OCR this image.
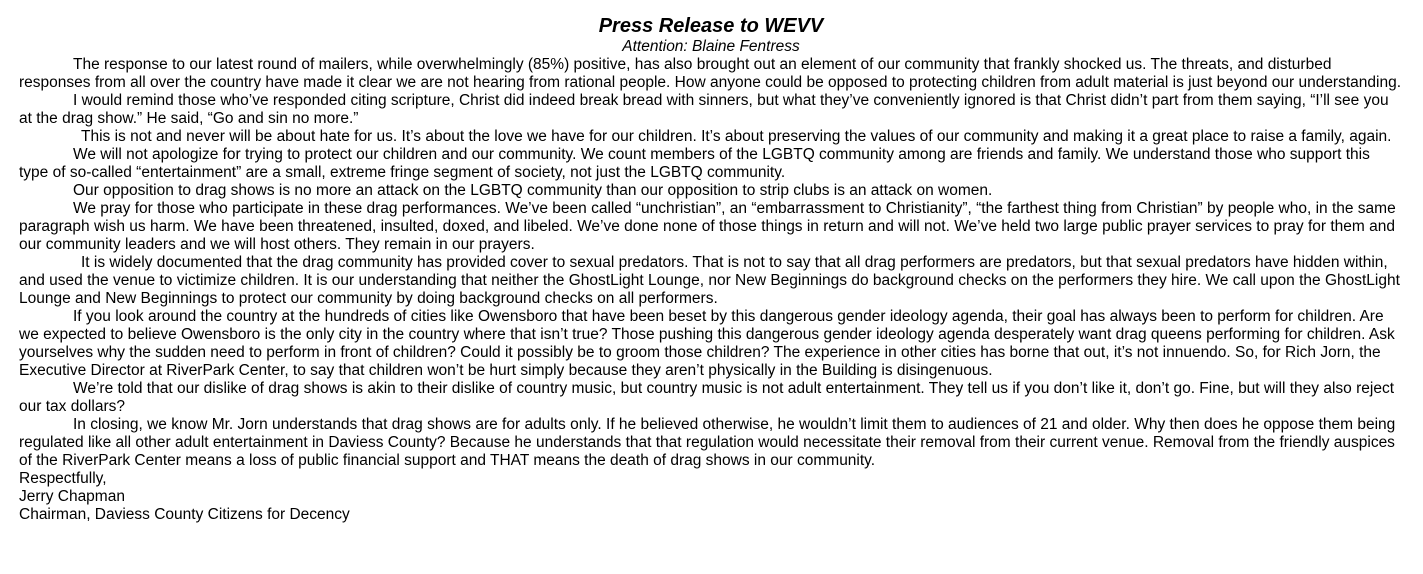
Press Release to WEVV

Attention: Blaine Fentress

The response to our latest round of mailers, while overwhelmingly (85%) positive, has also brought out an element of our community that frankly shocked us. The threats, and disturbed responses from all over the country have made it clear we are not hearing from rational people. How anyone could be opposed to protecting children from adult material is just beyond our understanding.

I would remind those who’ve responded citing scripture, Christ did indeed break bread with sinners, but what they’ve conveniently ignored is that Christ didn’t part from them saying, “I’ll see you at the drag show.” He said, “Go and sin no more.”

This is not and never will be about hate for us. It’s about the love we have for our children. It’s about preserving the values of our community and making it a great place to raise a family, again.

We will not apologize for trying to protect our children and our community. We count members of the LGBTQ community among are friends and family. We understand those who support this type of so-called “entertainment” are a small, extreme fringe segment of society, not just the LGBTQ community.

Our opposition to drag shows is no more an attack on the LGBTQ community than our opposition to strip clubs is an attack on women.

We pray for those who participate in these drag performances. We’ve been called “unchristian”, an “embarrassment to Christianity”, “the farthest thing from Christian” by people who, in the same paragraph wish us harm. We have been threatened, insulted, doxed, and libeled. We’ve done none of those things in return and will not. We’ve held two large public prayer services to pray for them and our community leaders and we will host others. They remain in our prayers.

It is widely documented that the drag community has provided cover to sexual predators. That is not to say that all drag performers are predators, but that sexual predators have hidden within, and used the venue to victimize children. It is our understanding that neither the GhostLight Lounge, nor New Beginnings do background checks on the performers they hire. We call upon the GhostLight Lounge and New Beginnings to protect our community by doing background checks on all performers.

If you look around the country at the hundreds of cities like Owensboro that have been beset by this dangerous gender ideology agenda, their goal has always been to perform for children. Are we expected to believe Owensboro is the only city in the country where that isn’t true? Those pushing this dangerous gender ideology agenda desperately want drag queens performing for children. Ask yourselves why the sudden need to perform in front of children? Could it possibly be to groom those children? The experience in other cities has borne that out, it’s not innuendo. So, for Rich Jorn, the Executive Director at RiverPark Center, to say that children won’t be hurt simply because they aren’t physically in the Building is disingenuous.

We’re told that our dislike of drag shows is akin to their dislike of country music, but country music is not adult entertainment. They tell us if you don’t like it, don’t go. Fine, but will they also reject our tax dollars?

In closing, we know Mr. Jorn understands that drag shows are for adults only. If he believed otherwise, he wouldn’t limit them to audiences of 21 and older. Why then does he oppose them being regulated like all other adult entertainment in Daviess County? Because he understands that that regulation would necessitate their removal from their current venue. Removal from the friendly auspices of the RiverPark Center means a loss of public financial support and THAT means the death of drag shows in our community.

Respectfully,

Jerry Chapman

Chairman, Daviess County Citizens for Decency
